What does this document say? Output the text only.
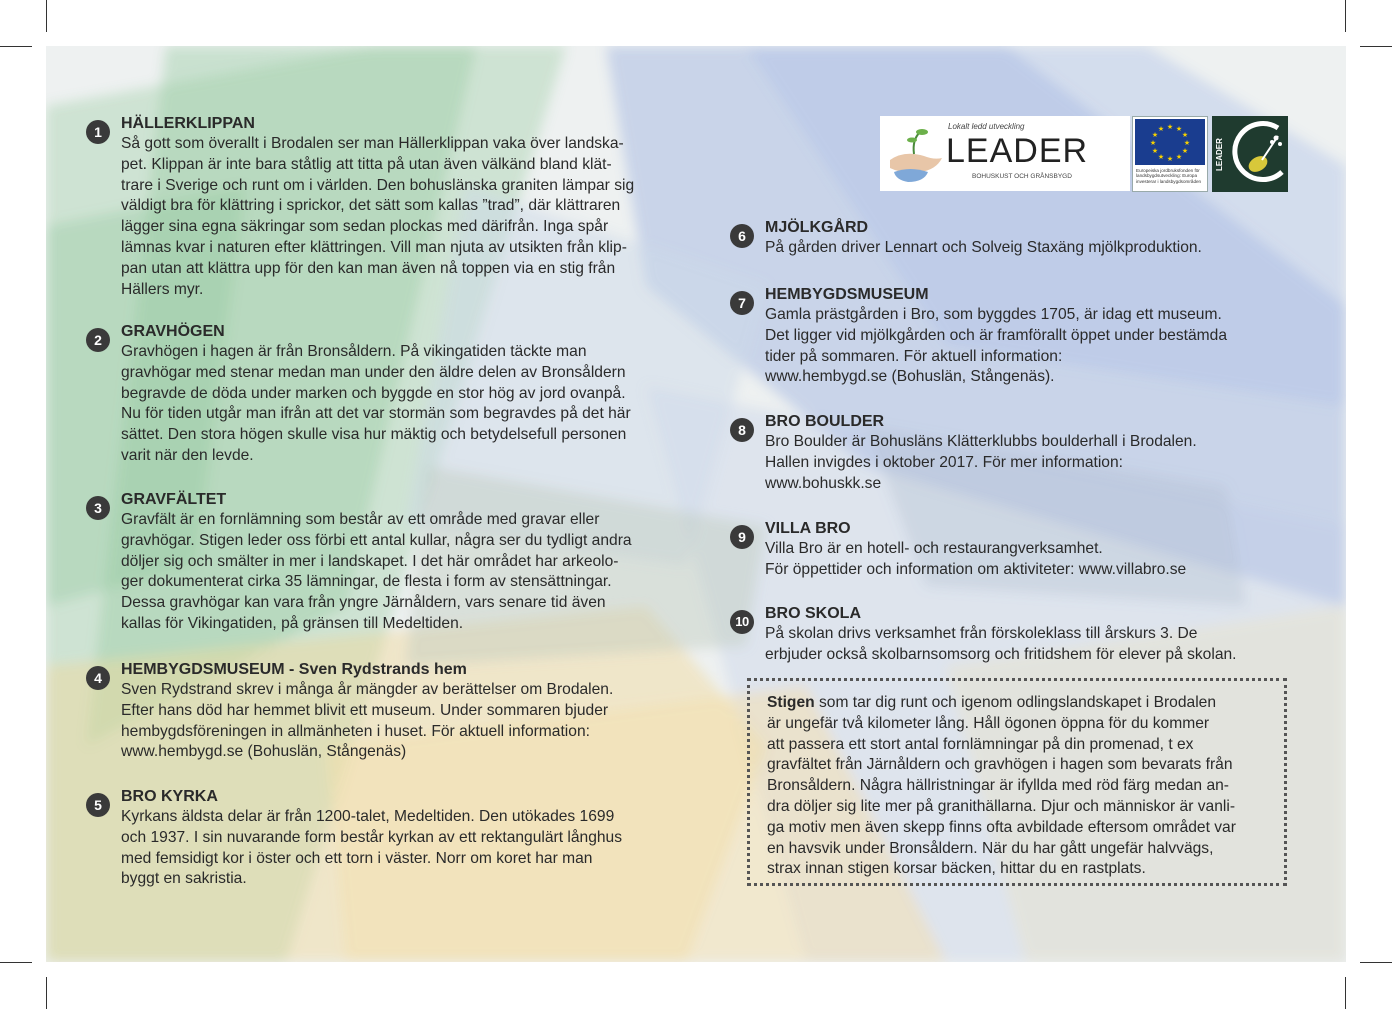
Lokalt ledd utveckling
LEADER
BOHUSKUST OCH GRÅNSBYGD
★ ★
★
★
★
★
★
★
★
★
★
★
Europeiska jordbruksfonden för landsbygdsutveckling: Europa investerar i landsbygdsområden
LEADER
1	HÄLLERKLIPPAN
Så gott som överallt i Brodalen ser man Hällerklippan vaka över landska-
pet. Klippan är inte bara ståtlig att titta på utan även välkänd bland klät-
trare i Sverige och runt om i världen. Den bohuslänska graniten lämpar sig
väldigt bra för klättring i sprickor, det sätt som kallas ”trad”, där klättraren
lägger sina egna säkringar som sedan plockas med därifrån. Inga spår
lämnas kvar i naturen efter klättringen. Vill man njuta av utsikten från klip-
pan utan att klättra upp för den kan man även nå toppen via en stig från
Hällers myr.
2	GRAVHÖGEN
Gravhögen i hagen är från Bronsåldern. På vikingatiden täckte man
gravhögar med stenar medan man under den äldre delen av Bronsåldern
begravde de döda under marken och byggde en stor hög av jord ovanpå.
Nu för tiden utgår man ifrån att det var stormän som begravdes på det här
sättet. Den stora högen skulle visa hur mäktig och betydelsefull personen
varit när den levde.
3	GRAVFÄLTET
Gravfält är en fornlämning som består av ett område med gravar eller
gravhögar. Stigen leder oss förbi ett antal kullar, några ser du tydligt andra
döljer sig och smälter in mer i landskapet. I det här området har arkeolo-
ger dokumenterat cirka 35 lämningar, de flesta i form av stensättningar.
Dessa gravhögar kan vara från yngre Järnåldern, vars senare tid även
kallas för Vikingatiden, på gränsen till Medeltiden.
4	HEMBYGDSMUSEUM - Sven Rydstrands hem
Sven Rydstrand skrev i många år mängder av berättelser om Brodalen.
Efter hans död har hemmet blivit ett museum. Under sommaren bjuder
hembygdsföreningen in allmänheten i huset. För aktuell information:
www.hembygd.se (Bohuslän, Stångenäs)
5	BRO KYRKA
Kyrkans äldsta delar är från 1200-talet, Medeltiden. Den utökades 1699
och 1937. I sin nuvarande form består kyrkan av ett rektangulärt långhus
med femsidigt kor i öster och ett torn i väster. Norr om koret har man
byggt en sakristia.
6	MJÖLKGÅRD
På gården driver Lennart och Solveig Staxäng mjölkproduktion.
7	HEMBYGDSMUSEUM
Gamla prästgården i Bro, som byggdes 1705, är idag ett museum.
Det ligger vid mjölkgården och är framförallt öppet under bestämda
tider på sommaren. För aktuell information:
www.hembygd.se (Bohuslän, Stångenäs).
8	BRO BOULDER
Bro Boulder är Bohusläns Klätterklubbs boulderhall i Brodalen.
Hallen invigdes i oktober 2017. För mer information:
www.bohuskk.se
9	VILLA BRO
Villa Bro är en hotell- och restaurangverksamhet.
För öppettider och information om aktiviteter: www.villabro.se
10	BRO SKOLA
På skolan drivs verksamhet från förskoleklass till årskurs 3. De
erbjuder också skolbarnsomsorg och fritidshem för elever på skolan.
Stigen som tar dig runt och igenom odlingslandskapet i Brodalen
är ungefär två kilometer lång. Håll ögonen öppna för du kommer
att passera ett stort antal fornlämningar på din promenad, t ex
gravfältet från Järnåldern och gravhögen i hagen som bevarats från
Bronsåldern. Några hällristningar är ifyllda med röd färg medan an-
dra döljer sig lite mer på granithällarna. Djur och människor är vanli-
ga motiv men även skepp finns ofta avbildade eftersom området var
en havsvik under Bronsåldern. När du har gått ungefär halvvägs,
strax innan stigen korsar bäcken, hittar du en rastplats.
